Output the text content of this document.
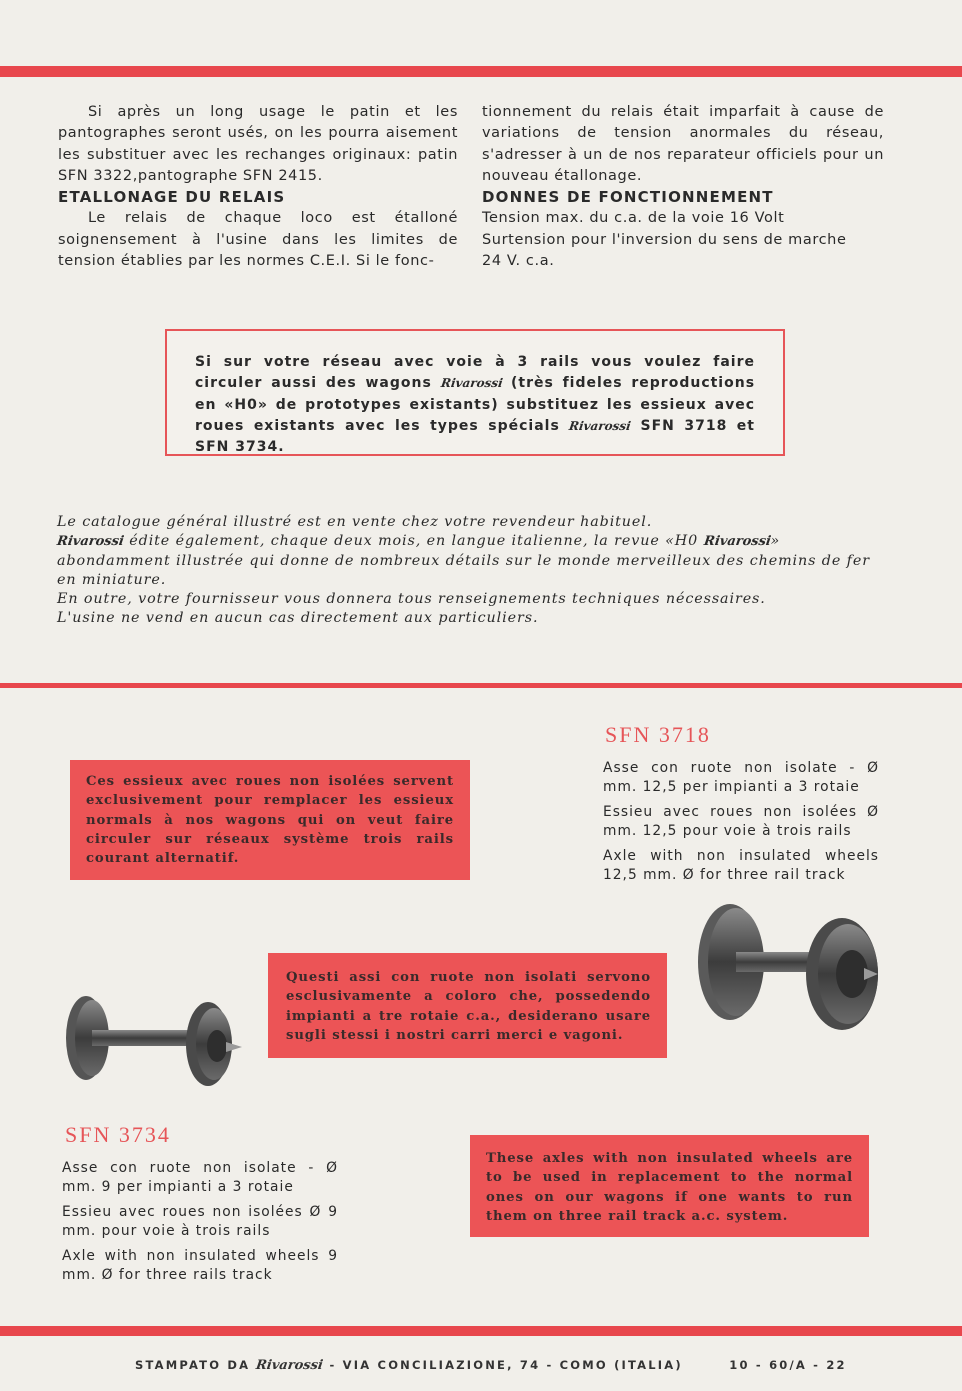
Si après un long usage le patin et les pantographes seront usés, on les pourra aisement les substituer avec les rechanges originaux: patin SFN 3322,pantographe SFN 2415.

ETALLONAGE DU RELAIS

Le relais de chaque loco est étalloné soignensement à l'usine dans les limites de tension établies par les normes C.E.I. Si le fonc-

tionnement du relais était imparfait à cause de variations de tension anormales du réseau, s'adresser à un de nos reparateur officiels pour un nouveau étallonage.

DONNES DE FONCTIONNEMENT

Tension max. du c.a. de la voie 16 Volt

Surtension pour l'inversion du sens de marche

24 V. c.a.

Si sur votre réseau avec voie à 3 rails vous voulez faire circuler aussi des wagons Rivarossi (très fideles reproductions en «H0» de prototypes existants) substituez les essieux avec roues existants avec les types spécials Rivarossi SFN 3718 et SFN 3734.

Le catalogue général illustré est en vente chez votre revendeur habituel.

Rivarossi édite également, chaque deux mois, en langue italienne, la revue «H0 Rivarossi»

abondamment illustrée qui donne de nombreux détails sur le monde merveilleux des chemins de fer en miniature.

En outre, votre fournisseur vous donnera tous renseignements techniques nécessaires.

L'usine ne vend en aucun cas directement aux particuliers.

SFN 3718

Asse con ruote non isolate - Ø mm. 12,5 per impianti a 3 rotaie

Essieu avec roues non isolées Ø mm. 12,5 pour voie à trois rails

Axle with non insulated wheels 12,5 mm. Ø for three rail track

Ces essieux avec roues non isolées servent exclusivement pour remplacer les essieux normals à nos wagons qui on veut faire circuler sur réseaux système trois rails courant alternatif.
Questi assi con ruote non isolati servono esclusivamente a coloro che, possedendo impianti a tre rotaie c.a., desiderano usare sugli stessi i nostri carri merci e vagoni.
These axles with non insulated wheels are to be used in replacement to the normal ones on our wagons if one wants to run them on three rail track a.c. system.
SFN 3734

Asse con ruote non isolate - Ø mm. 9 per impianti a 3 rotaie

Essieu avec roues non isolées Ø 9 mm. pour voie à trois rails

Axle with non insulated wheels 9 mm. Ø for three rails track

STAMPATO DA Rivarossi - VIA CONCILIAZIONE, 74 - COMO (ITALIA)	10 - 60/A - 22
